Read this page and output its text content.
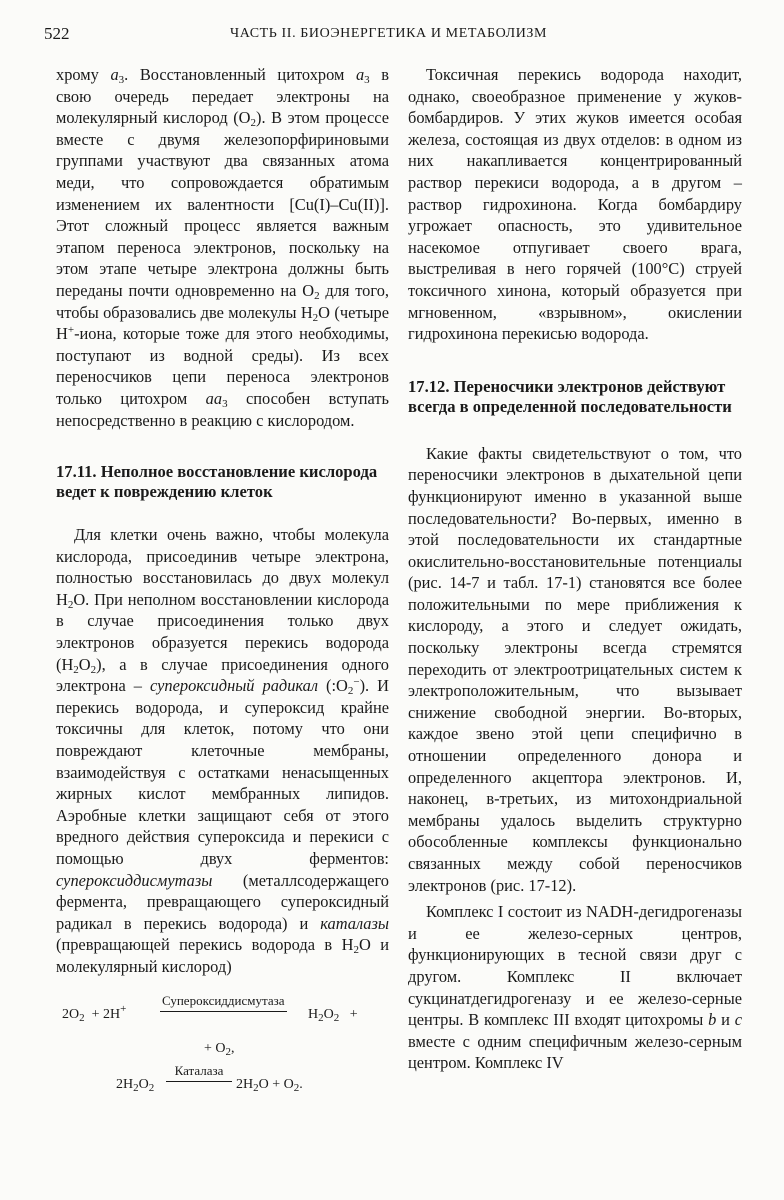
522	ЧАСТЬ II. БИОЭНЕРГЕТИКА И МЕТАБОЛИЗМ

хрому $a_3$. Восстановленный цитохром $a_3$ в свою очередь передает электроны на молекулярный кислород $(O_2)$. В этом процессе вместе с двумя железопорфириновыми группами участвуют два связанных атома меди, что сопровождается обратимым изменением их валентности [Cu(I)–Cu(II)]. Этот сложный процесс является важным этапом переноса электронов, поскольку на этом этапе четыре электрона должны быть переданы почти одновременно на $O_2$ для того, чтобы образовались две молекулы $H_2O$ (четыре H+-иона, которые тоже для этого необходимы, поступают из водной среды). Из всех переносчиков цепи переноса электронов только цитохром $aa_3$ способен вступать непосредственно в реакцию с кислородом.

17.11. Неполное восстановление кислорода ведет к повреждению клеток

Для клетки очень важно, чтобы молекула кислорода, присоединив четыре электрона, полностью восстановилась до двух молекул $H_2O$. При неполном восстановлении кислорода в случае присоединения только двух электронов образуется перекись водорода $(H_2O_2)$, а в случае присоединения одного электрона – супероксидный радикал $(:O_2^-)$. И перекись водорода, и супероксид крайне токсичны для клеток, потому что они повреждают клеточные мембраны, взаимодействуя с остатками ненасыщенных жирных кислот мембранных липидов. Аэробные клетки защищают себя от этого вредного действия супероксида и перекиси с помощью двух ферментов: супероксиддисмутазы (металлсодержащего фермента, превращающего супероксидный радикал в перекись водорода) и каталазы (превращающей перекись водорода в $H_2O$ и молекулярный кислород)

$2O_2 + 2H^+$
Супероксиддисмутаза
$H_2O_2$ +
+ $O_2$,
$2H_2O_2$
Каталаза
$2H_2O + O_2$.

Токсичная перекись водорода находит, однако, своеобразное применение у жуков-бомбардиров. У этих жуков имеется особая железа, состоящая из двух отделов: в одном из них накапливается концентрированный раствор перекиси водорода, а в другом – раствор гидрохинона. Когда бомбардиру угрожает опасность, это удивительное насекомое отпугивает своего врага, выстреливая в него горячей (100°C) струей токсичного хинона, который образуется при мгновенном, «взрывном», окислении гидрохинона перекисью водорода.

17.12. Переносчики электронов действуют всегда в определенной последовательности

Какие факты свидетельствуют о том, что переносчики электронов в дыхательной цепи функционируют именно в указанной выше последовательности? Во-первых, именно в этой последовательности их стандартные окислительно-восстановительные потенциалы (рис. 14-7 и табл. 17-1) становятся все более положительными по мере приближения к кислороду, а этого и следует ожидать, поскольку электроны всегда стремятся переходить от электроотрицательных систем к электроположительным, что вызывает снижение свободной энергии. Во-вторых, каждое звено этой цепи специфично в отношении определенного донора и определенного акцептора электронов. И, наконец, в-третьих, из митохондриальной мембраны удалось выделить структурно обособленные комплексы функционально связанных между собой переносчиков электронов (рис. 17-12).

Комплекс I состоит из NADH-дегидрогеназы и ее железо-серных центров, функционирующих в тесной связи друг с другом. Комплекс II включает сукцинатдегидрогеназу и ее железо-серные центры. В комплекс III входят цитохромы b и c вместе с одним специфичным железо-серным центром. Комплекс IV
